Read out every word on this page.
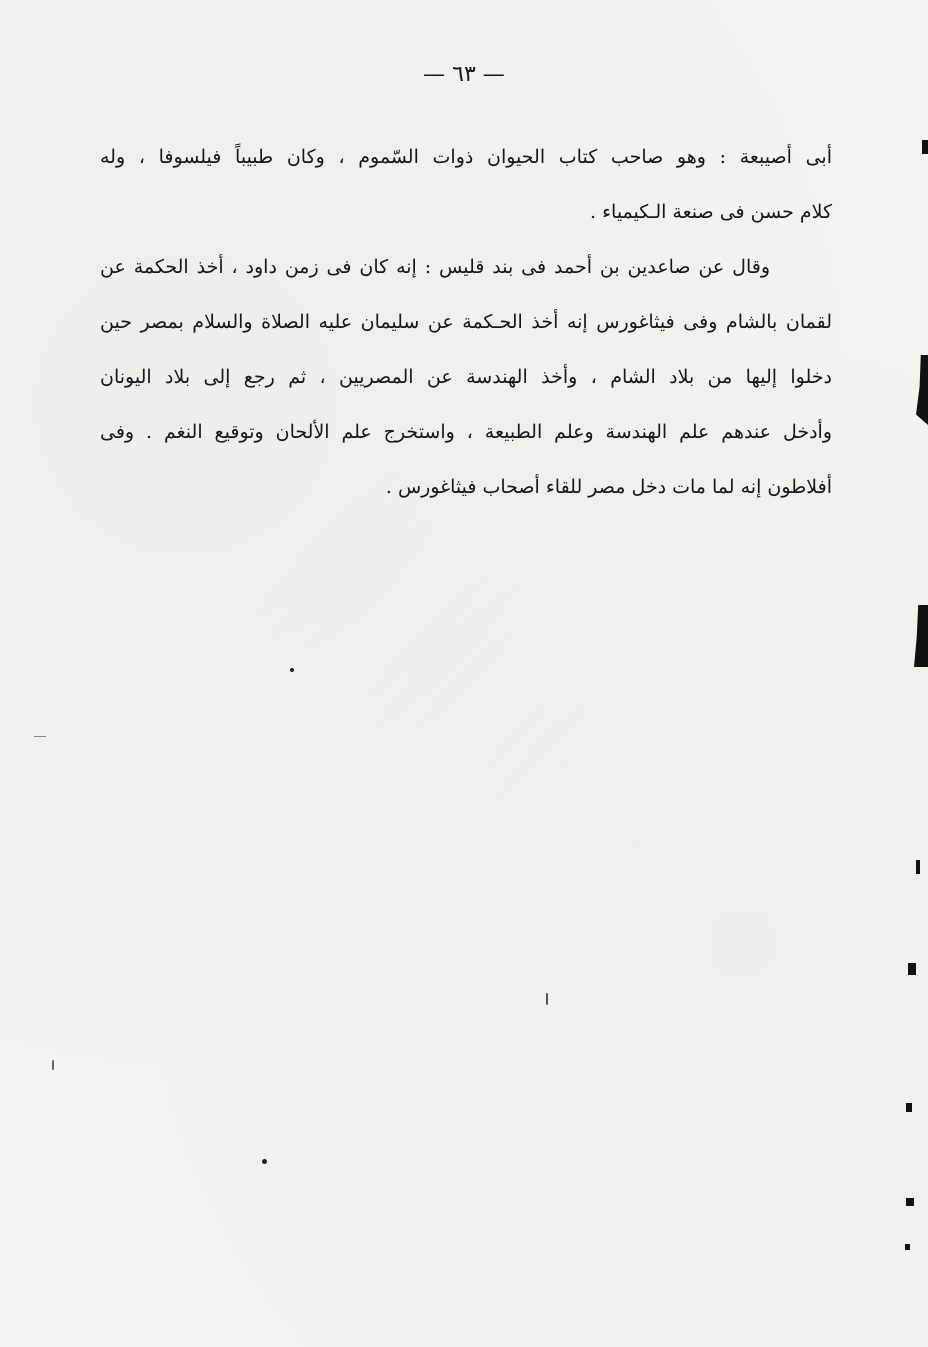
— ٦٣ —
أبى أصيبعة : وهو صاحب كتاب الحيوان ذوات السّموم ، وكان طبيباً فيلسوفا ، وله
كلام حسن فى صنعة الـكيمياء .
وقال عن صاعدين بن أحمد فى بند قليس : إنه كان فى زمن داود ، أخذ الحكمة عن
لقمان بالشام وفى فيثاغورس إنه أخذ الحـكمة عن سليمان عليه الصلاة والسلام بمصر حين
دخلوا إليها من بلاد الشام ، وأخذ الهندسة عن المصريين ، ثم رجع إلى بلاد اليونان
وأدخل عندهم علم الهندسة وعلم الطبيعة ، واستخرج علم الألحان وتوقيع النغم . وفى
أفلاطون إنه لما مات دخل مصر للقاء أصحاب فيثاغورس .
